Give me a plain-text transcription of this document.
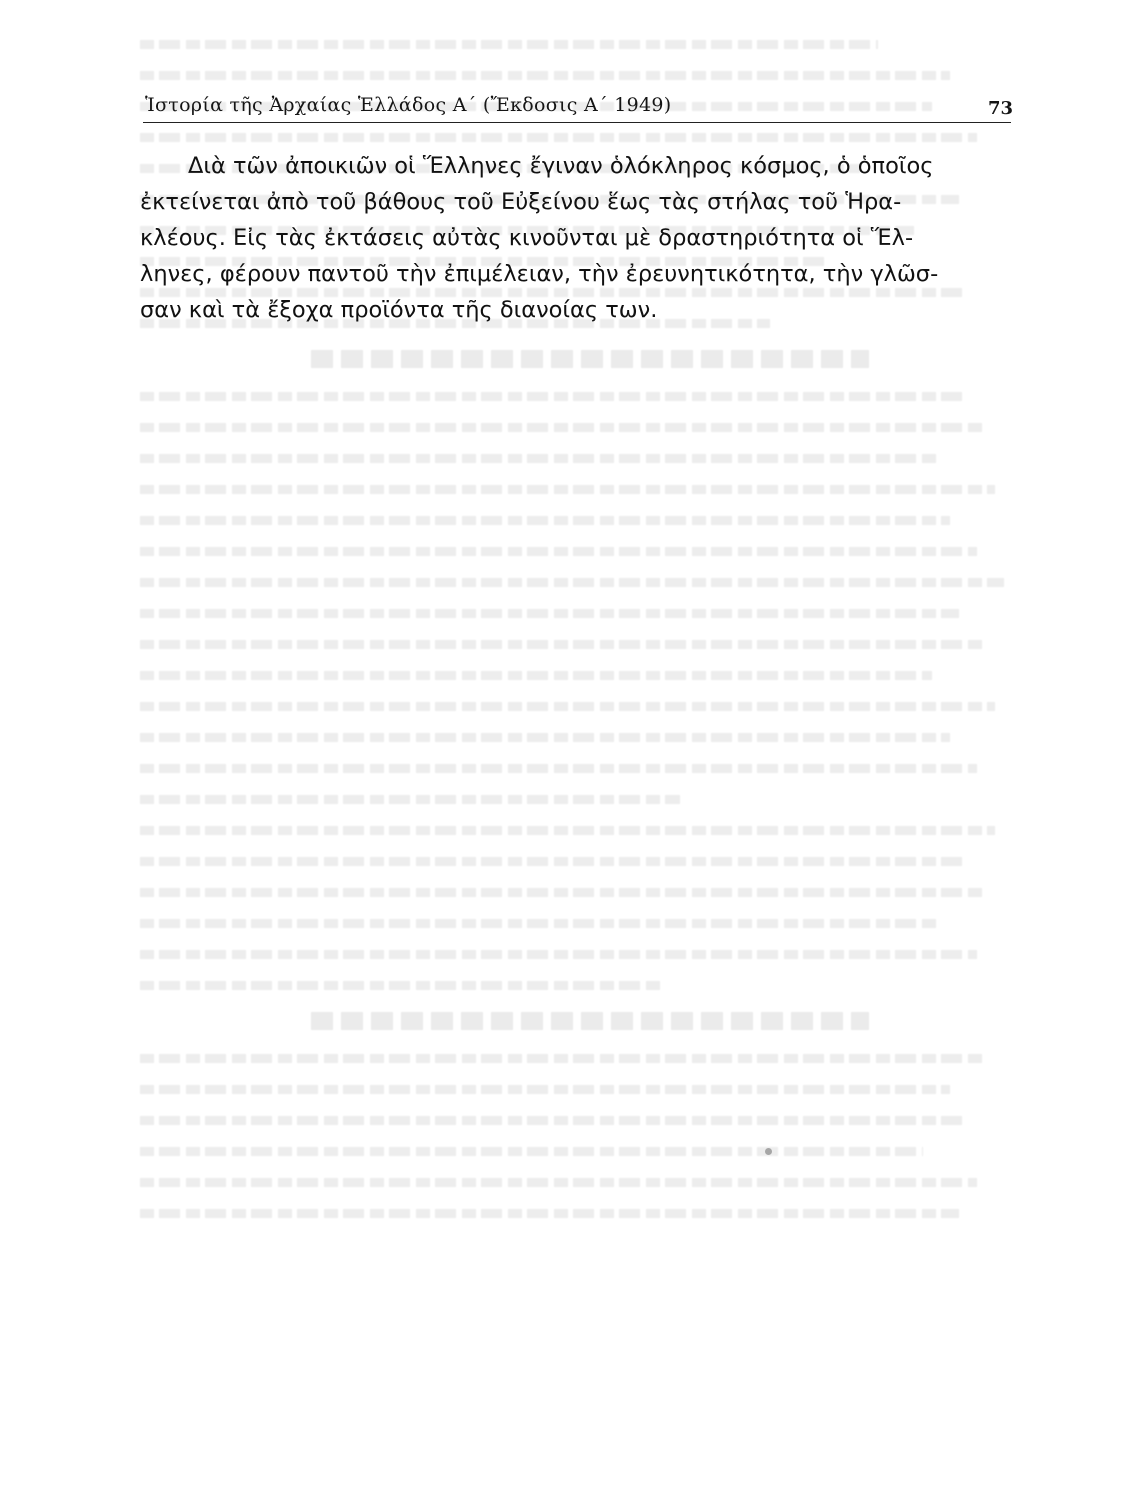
Ἱστορία τῆς Ἀρχαίας Ἑλλάδος Α΄ (Ἔκδοσις Α΄ 1949)	73
Διὰ τῶν ἀποικιῶν οἱ Ἕλληνες ἔγιναν ὁλόκληρος κόσμος, ὁ ὁποῖος
ἐκτείνεται ἀπὸ τοῦ βάθους τοῦ Εὐξείνου ἕως τὰς στήλας τοῦ Ἡρα-
κλέους. Εἰς τὰς ἐκτάσεις αὐτὰς κινοῦνται μὲ δραστηριότητα οἱ Ἕλ-
ληνες, φέρουν παντοῦ τὴν ἐπιμέλειαν, τὴν ἐρευνητικότητα, τὴν γλῶσ-
σαν καὶ τὰ ἔξοχα προϊόντα τῆς διανοίας των.
